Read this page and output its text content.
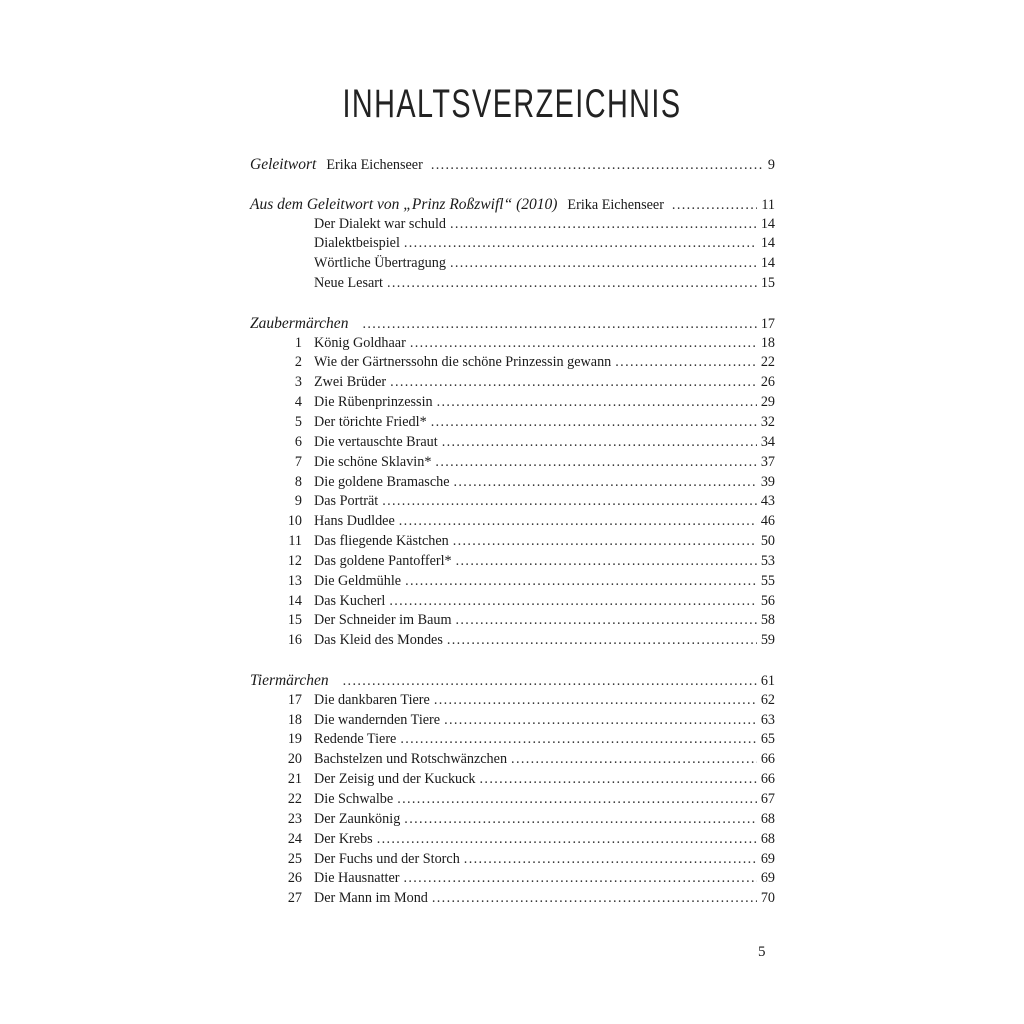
INHALTSVERZEICHNIS
Geleitwort Erika Eichenseer . . .	9
Aus dem Geleitwort von „Prinz Roßzwifl“ (2010) Erika Eichenseer . . .	11
Der Dialekt war schuld . . .	14
Dialektbeispiel . . .	14
Wörtliche Übertragung . . .	14
Neue Lesart . . .	15
Zaubermärchen . . .	17
1 König Goldhaar . . .	18
2 Wie der Gärtnerssohn die schöne Prinzessin gewann . . .	22
3 Zwei Brüder . . .	26
4 Die Rübenprinzessin . . .	29
5 Der törichte Friedl* . . .	32
6 Die vertauschte Braut . . .	34
7 Die schöne Sklavin* . . .	37
8 Die goldene Bramasche . . .	39
9 Das Porträt . . .	43
10 Hans Dudldee . . .	46
11 Das fliegende Kästchen . . .	50
12 Das goldene Pantofferl* . . .	53
13 Die Geldmühle . . .	55
14 Das Kucherl . . .	56
15 Der Schneider im Baum . . .	58
16 Das Kleid des Mondes . . .	59
Tiermärchen . . .	61
17 Die dankbaren Tiere . . .	62
18 Die wandernden Tiere . . .	63
19 Redende Tiere . . .	65
20 Bachstelzen und Rotschwänzchen . . .	66
21 Der Zeisig und der Kuckuck . . .	66
22 Die Schwalbe . . .	67
23 Der Zaunkönig . . .	68
24 Der Krebs . . .	68
25 Der Fuchs und der Storch . . .	69
26 Die Hausnatter . . .	69
27 Der Mann im Mond . . .	70
5
